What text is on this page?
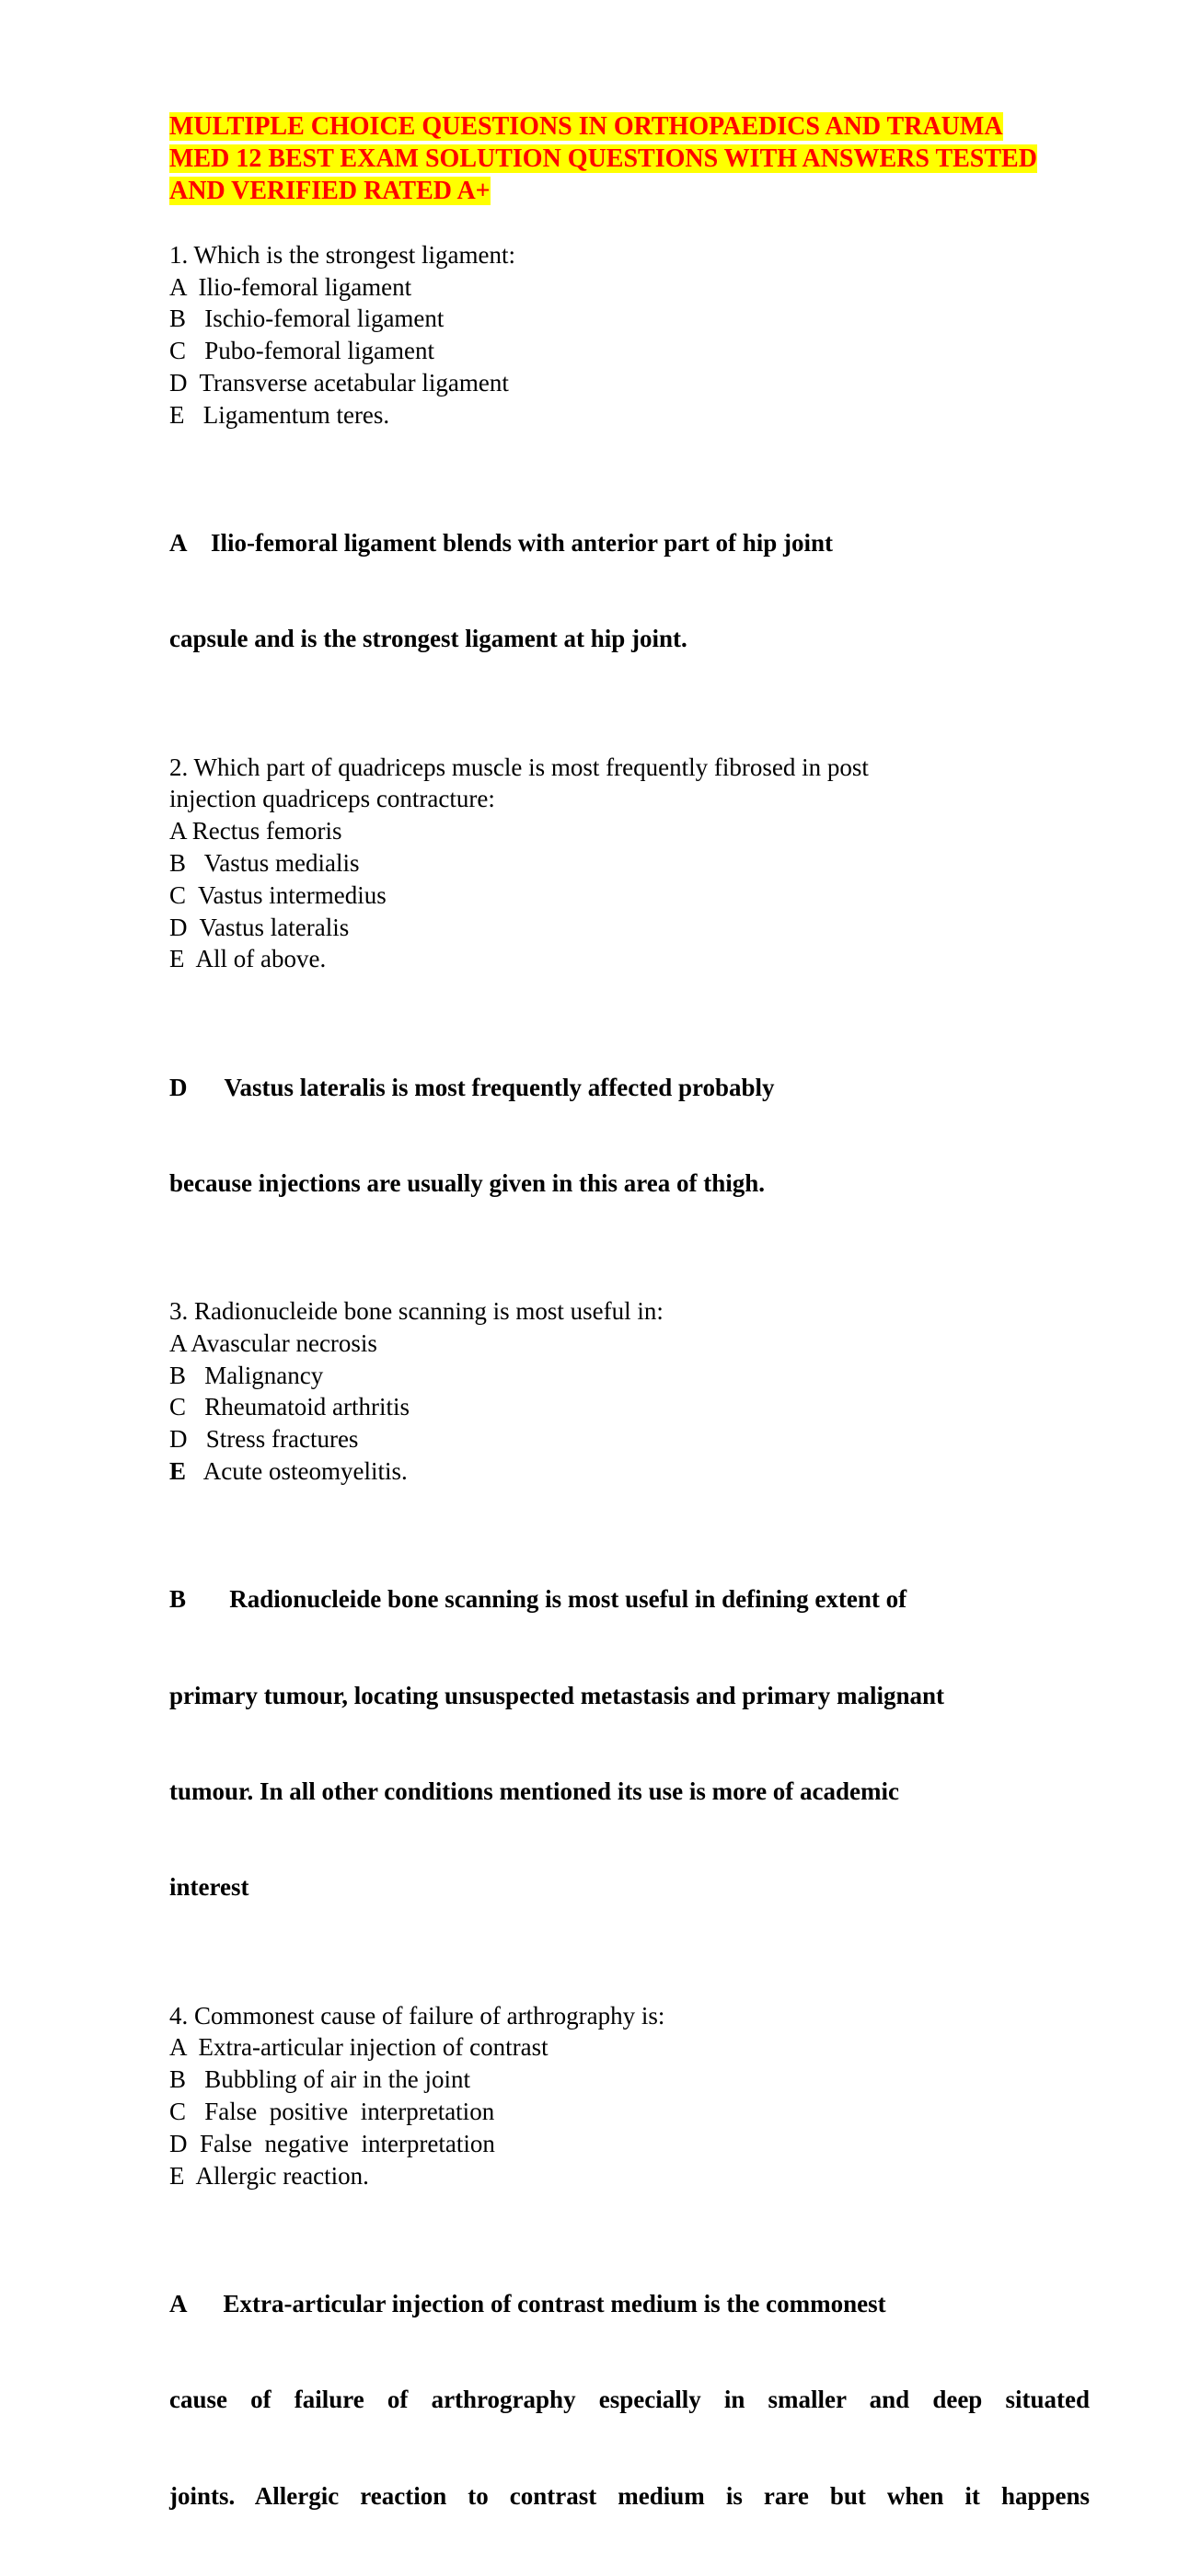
MULTIPLE CHOICE QUESTIONS IN ORTHOPAEDICS AND TRAUMA
MED 12 BEST EXAM SOLUTION QUESTIONS WITH ANSWERS TESTED
AND VERIFIED RATED A+

1. Which is the strongest ligament:

A  Ilio-femoral ligament
B   Ischio-femoral ligament
C   Pubo-femoral ligament
D  Transverse acetabular ligament
E   Ligamentum teres.

A    Ilio-femoral ligament blends with anterior part of hip joint

capsule and is the strongest ligament at hip joint.

2. Which part of quadriceps muscle is most frequently fibrosed in post
injection quadriceps contracture:
A Rectus femoris
B   Vastus medialis
C  Vastus intermedius
D  Vastus lateralis
E  All of above.

D      Vastus lateralis is most frequently affected probably

because injections are usually given in this area of thigh.

3. Radionucleide bone scanning is most useful in:

A Avascular necrosis
B   Malignancy
C   Rheumatoid arthritis
D   Stress fractures
E   Acute osteomyelitis.

B       Radionucleide bone scanning is most useful in defining extent of

primary tumour, locating unsuspected metastasis and primary malignant

tumour. In all other conditions mentioned its use is more of academic

interest

4. Commonest cause of failure of arthrography is:

A  Extra-articular injection of contrast
B   Bubbling of air in the joint
C   False  positive  interpretation
D  False  negative  interpretation
E  Allergic reaction.

A      Extra-articular injection of contrast medium is the commonest

cause of failure of arthrography especially in smaller and deep situated

joints. Allergic reaction to contrast medium is rare but when it happens
